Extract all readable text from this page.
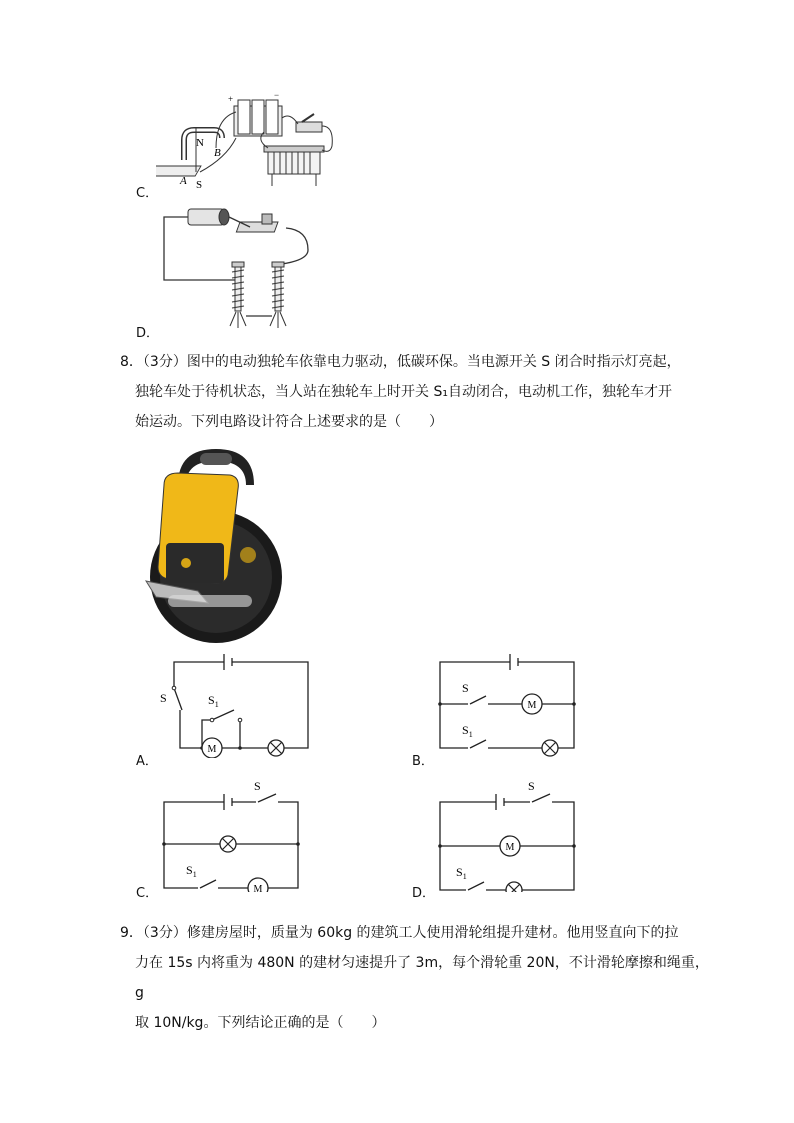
C．
+	−
N
S
A
B
D．
8．（3分）图中的电动独轮车依靠电力驱动，低碳环保。当电源开关 S 闭合时指示灯亮起，
独轮车处于待机状态，当人站在独轮车上时开关 S₁自动闭合，电动机工作，独轮车才开
始运动。下列电路设计符合上述要求的是（　　）
A．
M
S	$S_1$
B．
M
S
$S_1$
C．	M
S
$S_1$
D．
M
S
$S_1$
9．（3分）修建房屋时，质量为 60kg 的建筑工人使用滑轮组提升建材。他用竖直向下的拉
力在 15s 内将重为 480N 的建材匀速提升了 3m，每个滑轮重 20N，不计滑轮摩擦和绳重，g
取 10N/kg。下列结论正确的是（　　）
